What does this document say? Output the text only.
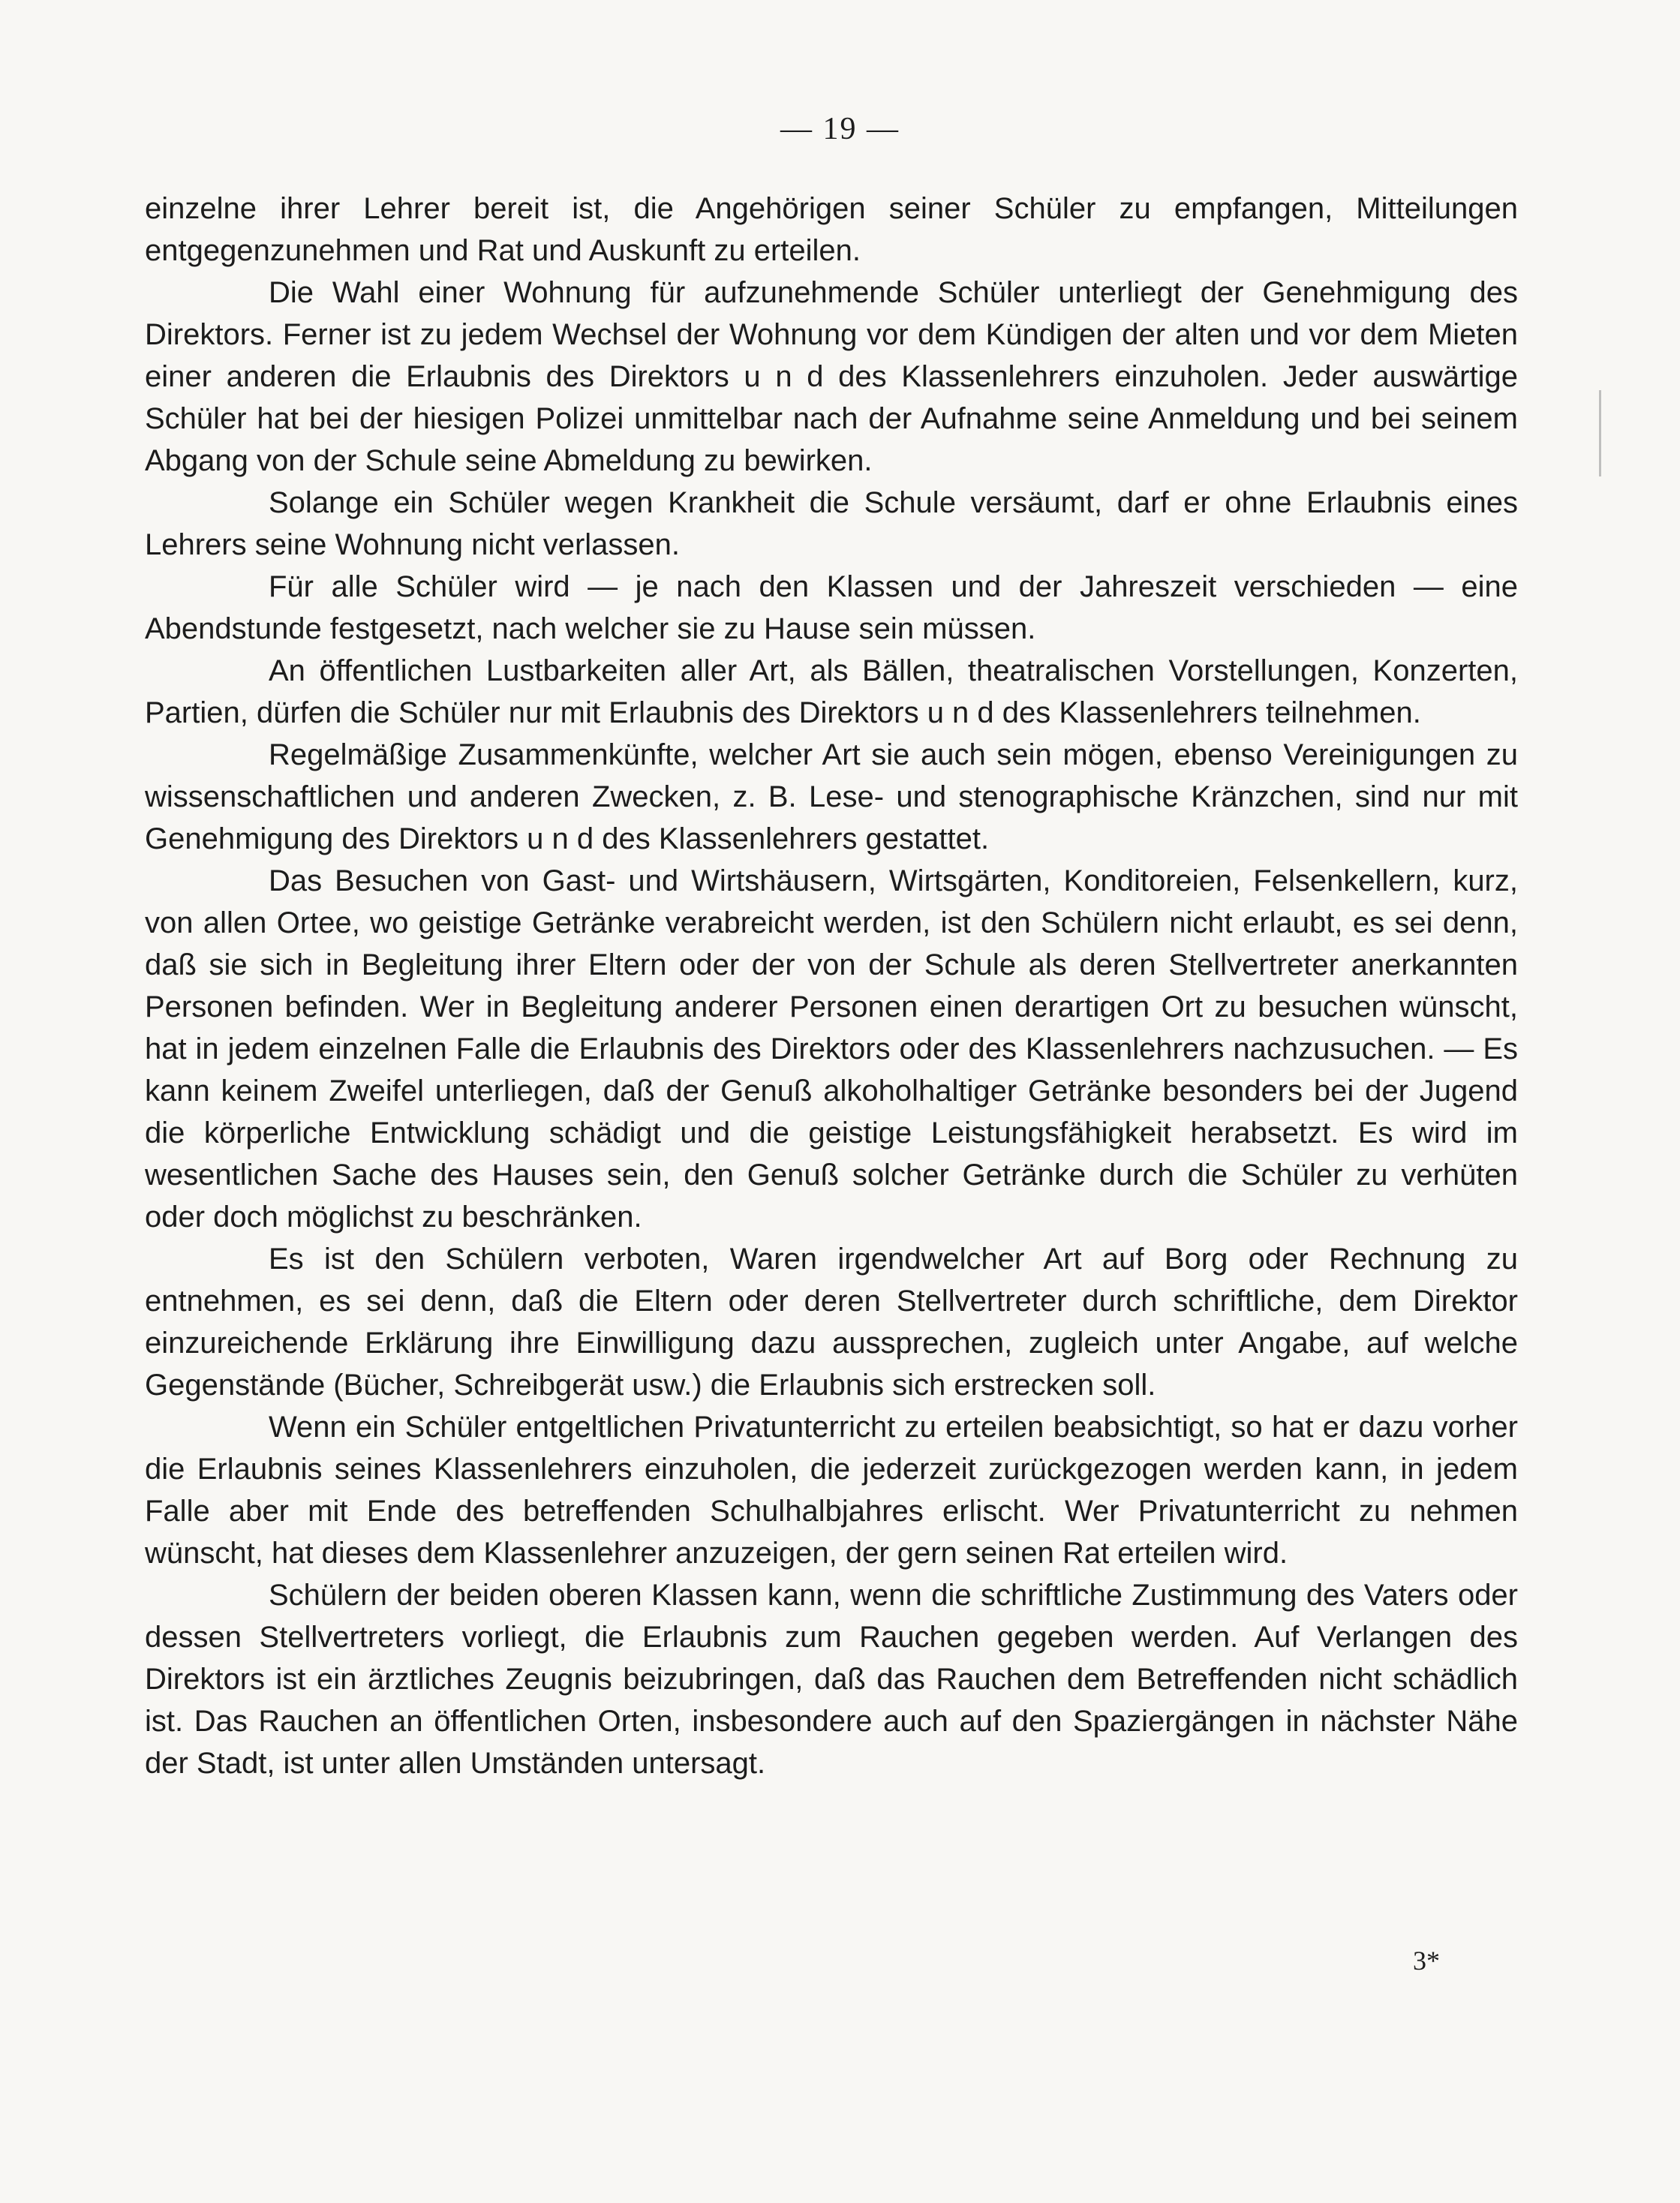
— 19 —

einzelne ihrer Lehrer bereit ist, die Angehörigen seiner Schüler zu empfangen, Mitteilungen entgegenzunehmen und Rat und Auskunft zu erteilen.

Die Wahl einer Wohnung für aufzunehmende Schüler unterliegt der Genehmigung des Direktors. Ferner ist zu jedem Wechsel der Wohnung vor dem Kündigen der alten und vor dem Mieten einer anderen die Erlaubnis des Direktors u n d des Klassenlehrers einzuholen. Jeder auswärtige Schüler hat bei der hiesigen Polizei unmittelbar nach der Aufnahme seine Anmeldung und bei seinem Abgang von der Schule seine Abmeldung zu bewirken.

Solange ein Schüler wegen Krankheit die Schule versäumt, darf er ohne Erlaubnis eines Lehrers seine Wohnung nicht verlassen.

Für alle Schüler wird — je nach den Klassen und der Jahreszeit verschieden — eine Abendstunde festgesetzt, nach welcher sie zu Hause sein müssen.

An öffentlichen Lustbarkeiten aller Art, als Bällen, theatralischen Vorstellungen, Konzerten, Partien, dürfen die Schüler nur mit Erlaubnis des Direktors u n d des Klassenlehrers teilnehmen.

Regelmäßige Zusammenkünfte, welcher Art sie auch sein mögen, ebenso Vereinigungen zu wissenschaftlichen und anderen Zwecken, z. B. Lese- und stenographische Kränzchen, sind nur mit Genehmigung des Direktors u n d des Klassenlehrers gestattet.

Das Besuchen von Gast- und Wirtshäusern, Wirtsgärten, Konditoreien, Felsenkellern, kurz, von allen Ortee, wo geistige Getränke verabreicht werden, ist den Schülern nicht erlaubt, es sei denn, daß sie sich in Begleitung ihrer Eltern oder der von der Schule als deren Stellvertreter anerkannten Personen befinden. Wer in Begleitung anderer Personen einen derartigen Ort zu besuchen wünscht, hat in jedem einzelnen Falle die Erlaubnis des Direktors oder des Klassenlehrers nachzusuchen. — Es kann keinem Zweifel unterliegen, daß der Genuß alkoholhaltiger Getränke besonders bei der Jugend die körperliche Entwicklung schädigt und die geistige Leistungsfähigkeit herabsetzt. Es wird im wesentlichen Sache des Hauses sein, den Genuß solcher Getränke durch die Schüler zu verhüten oder doch möglichst zu beschränken.

Es ist den Schülern verboten, Waren irgendwelcher Art auf Borg oder Rechnung zu entnehmen, es sei denn, daß die Eltern oder deren Stellvertreter durch schriftliche, dem Direktor einzureichende Erklärung ihre Einwilligung dazu aussprechen, zugleich unter Angabe, auf welche Gegenstände (Bücher, Schreibgerät usw.) die Erlaubnis sich erstrecken soll.

Wenn ein Schüler entgeltlichen Privatunterricht zu erteilen beabsichtigt, so hat er dazu vorher die Erlaubnis seines Klassenlehrers einzuholen, die jederzeit zurückgezogen werden kann, in jedem Falle aber mit Ende des betreffenden Schulhalbjahres erlischt. Wer Privatunterricht zu nehmen wünscht, hat dieses dem Klassenlehrer anzuzeigen, der gern seinen Rat erteilen wird.

Schülern der beiden oberen Klassen kann, wenn die schriftliche Zustimmung des Vaters oder dessen Stellvertreters vorliegt, die Erlaubnis zum Rauchen gegeben werden. Auf Verlangen des Direktors ist ein ärztliches Zeugnis beizubringen, daß das Rauchen dem Betreffenden nicht schädlich ist. Das Rauchen an öffentlichen Orten, insbesondere auch auf den Spaziergängen in nächster Nähe der Stadt, ist unter allen Umständen untersagt.

3*
